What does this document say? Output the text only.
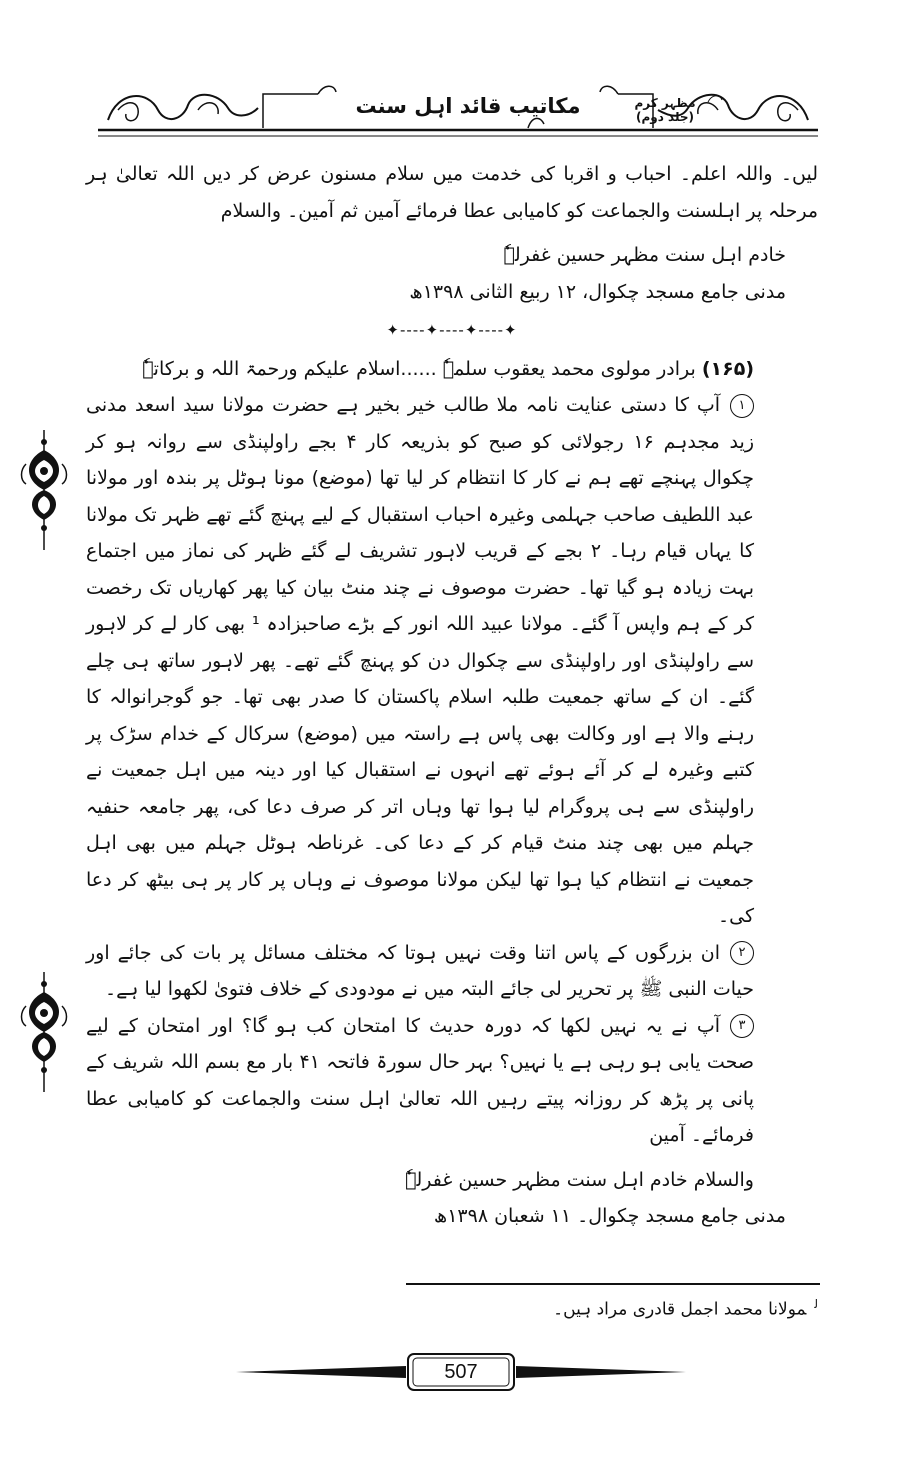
مکاتیب قائد اہل سنت	مظہر کرم (جلد دوم)

لیں۔ واللہ اعلم۔ احباب و اقربا کی خدمت میں سلام مسنون عرض کر دیں اللہ تعالیٰ ہر مرحلہ پر اہلسنت والجماعت کو کامیابی عطا فرمائے آمین ثم آمین۔ والسلام

خادم اہل سنت مظہر حسین غفرلہٗ

مدنی جامع مسجد چکوال، ۱۲ ربیع الثانی ۱۳۹۸ھ

✦----✦----✦----✦

(۱۶۵) برادر مولوی محمد یعقوب سلمہٗ ......اسلام علیکم ورحمۃ اللہ و برکاتہٗ

۱آپ کا دستی عنایت نامہ ملا طالب خیر بخیر ہے حضرت مولانا سید اسعد مدنی زید مجدہم ۱۶ رجولائی کو صبح کو بذریعہ کار ۴ بجے راولپنڈی سے روانہ ہو کر چکوال پہنچے تھے ہم نے کار کا انتظام کر لیا تھا (موضع) مونا ہوٹل پر بندہ اور مولانا عبد اللطیف صاحب جہلمی وغیرہ احباب استقبال کے لیے پہنچ گئے تھے ظہر تک مولانا کا یہاں قیام رہا۔ ۲ بجے کے قریب لاہور تشریف لے گئے ظہر کی نماز میں اجتماع بہت زیادہ ہو گیا تھا۔ حضرت موصوف نے چند منٹ بیان کیا پھر کھاریاں تک رخصت کر کے ہم واپس آ گئے۔ مولانا عبید اللہ انور کے بڑے صاحبزادہ ¹ بھی کار لے کر لاہور سے راولپنڈی اور راولپنڈی سے چکوال دن کو پہنچ گئے تھے۔ پھر لاہور ساتھ ہی چلے گئے۔ ان کے ساتھ جمعیت طلبہ اسلام پاکستان کا صدر بھی تھا۔ جو گوجرانوالہ کا رہنے والا ہے اور وکالت بھی پاس ہے راستہ میں (موضع) سرکال کے خدام سڑک پر کتبے وغیرہ لے کر آئے ہوئے تھے انہوں نے استقبال کیا اور دینہ میں اہل جمعیت نے راولپنڈی سے ہی پروگرام لیا ہوا تھا وہاں اتر کر صرف دعا کی، پھر جامعہ حنفیہ جہلم میں بھی چند منٹ قیام کر کے دعا کی۔ غرناطہ ہوٹل جہلم میں بھی اہل جمعیت نے انتظام کیا ہوا تھا لیکن مولانا موصوف نے وہاں پر کار پر ہی بیٹھ کر دعا کی۔

۲ان بزرگوں کے پاس اتنا وقت نہیں ہوتا کہ مختلف مسائل پر بات کی جائے اور حیات النبی ﷺ پر تحریر لی جائے البتہ میں نے مودودی کے خلاف فتویٰ لکھوا لیا ہے۔

۳آپ نے یہ نہیں لکھا کہ دورہ حدیث کا امتحان کب ہو گا؟ اور امتحان کے لیے صحت یابی ہو رہی ہے یا نہیں؟ بہر حال سورۃ فاتحہ ۴۱ بار مع بسم اللہ شریف کے پانی پر پڑھ کر روزانہ پیتے رہیں اللہ تعالیٰ اہل سنت والجماعت کو کامیابی عطا فرمائے۔ آمین

والسلام خادم اہل سنت مظہر حسین غفرلہٗ

مدنی جامع مسجد چکوال۔ ۱۱ شعبان ۱۳۹۸ھ

$^ل$مولانا محمد اجمل قادری مراد ہیں۔
507
